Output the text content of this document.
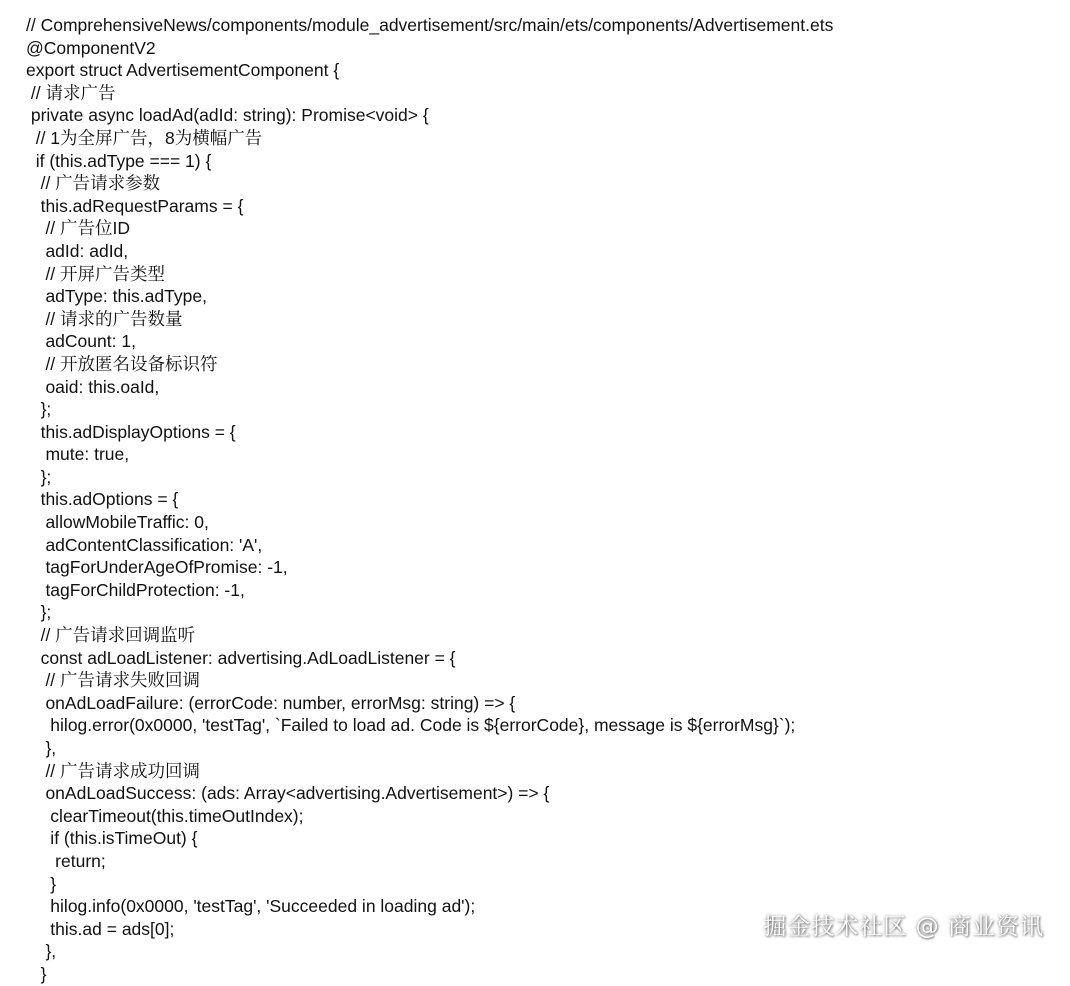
// ComprehensiveNews/components/module_advertisement/src/main/ets/components/Advertisement.ets
@ComponentV2
export struct AdvertisementComponent {
// 请求广告
private async loadAd(adId: string): Promise<void> {
// 1为全屏广告，8为横幅广告
if (this.adType === 1) {
// 广告请求参数
this.adRequestParams = {
// 广告位ID
adId: adId,
// 开屏广告类型
adType: this.adType,
// 请求的广告数量
adCount: 1,
// 开放匿名设备标识符
oaid: this.oaId,
};
this.adDisplayOptions = {
mute: true,
};
this.adOptions = {
allowMobileTraffic: 0,
adContentClassification: 'A',
tagForUnderAgeOfPromise: -1,
tagForChildProtection: -1,
};
// 广告请求回调监听
const adLoadListener: advertising.AdLoadListener = {
// 广告请求失败回调
onAdLoadFailure: (errorCode: number, errorMsg: string) => {
hilog.error(0x0000, 'testTag', `Failed to load ad. Code is ${errorCode}, message is ${errorMsg}`);
},
// 广告请求成功回调
onAdLoadSuccess: (ads: Array<advertising.Advertisement>) => {
clearTimeout(this.timeOutIndex);
if (this.isTimeOut) {
return;
}
hilog.info(0x0000, 'testTag', 'Succeeded in loading ad');
this.ad = ads[0];
},
}
掘金技术社区 @ 商业资讯
